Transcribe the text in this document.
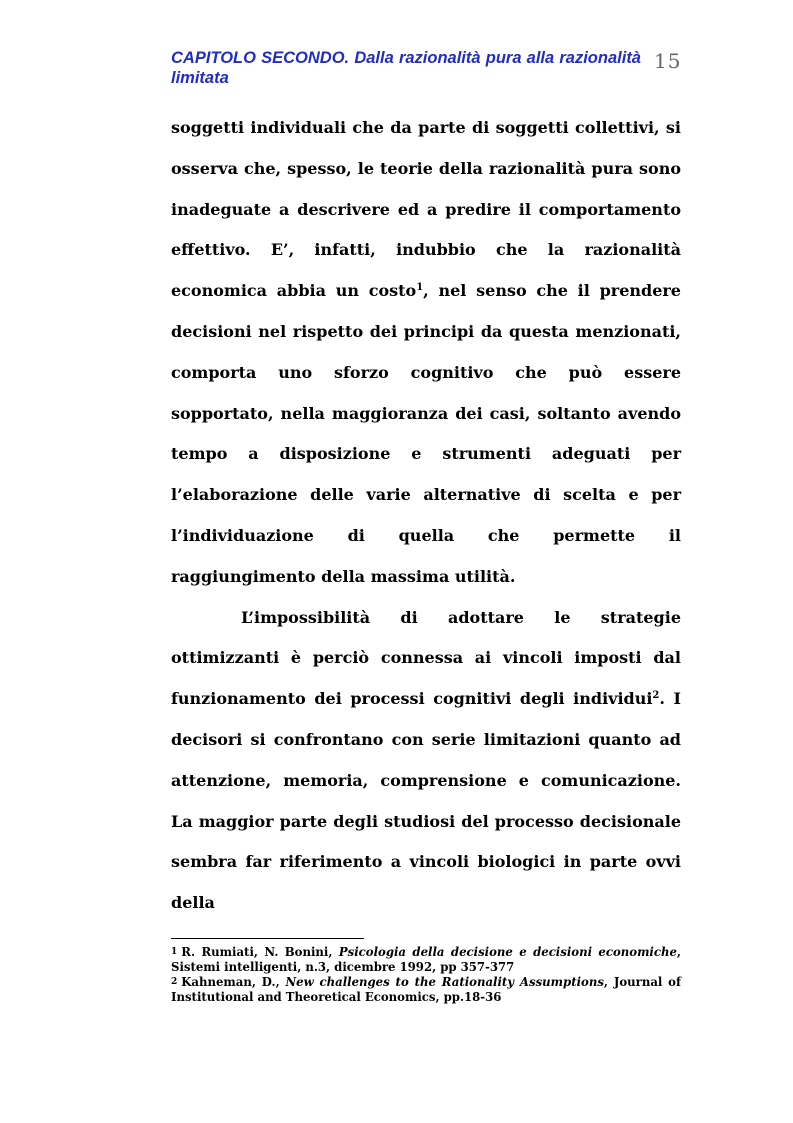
CAPITOLO SECONDO. Dalla razionalità pura alla razionalità limitata
15

soggetti individuali che da parte di soggetti collettivi, si osserva che, spesso, le teorie della razionalità pura sono inadeguate a descrivere ed a predire il comportamento effettivo. E’, infatti, indubbio che la razionalità economica abbia un costo$^1$, nel senso che il prendere decisioni nel rispetto dei principi da questa menzionati, comporta uno sforzo cognitivo che può essere sopportato, nella maggioranza dei casi, soltanto avendo tempo a disposizione e strumenti adeguati per l’elaborazione delle varie alternative di scelta e per l’individuazione di quella che permette il raggiungimento della massima utilità.

L’impossibilità di adottare le strategie ottimizzanti è perciò connessa ai vincoli imposti dal funzionamento dei processi cognitivi degli individui$^2$. I decisori si confrontano con serie limitazioni quanto ad attenzione, memoria, comprensione e comunicazione. La maggior parte degli studiosi del processo decisionale sembra far riferimento a vincoli biologici in parte ovvi della

1 R. Rumiati, N. Bonini, Psicologia della decisione e decisioni economiche, Sistemi intelligenti, n.3, dicembre 1992, pp 357-377

2 Kahneman, D., New challenges to the Rationality Assumptions, Journal of Institutional and Theoretical Economics, pp.18-36
